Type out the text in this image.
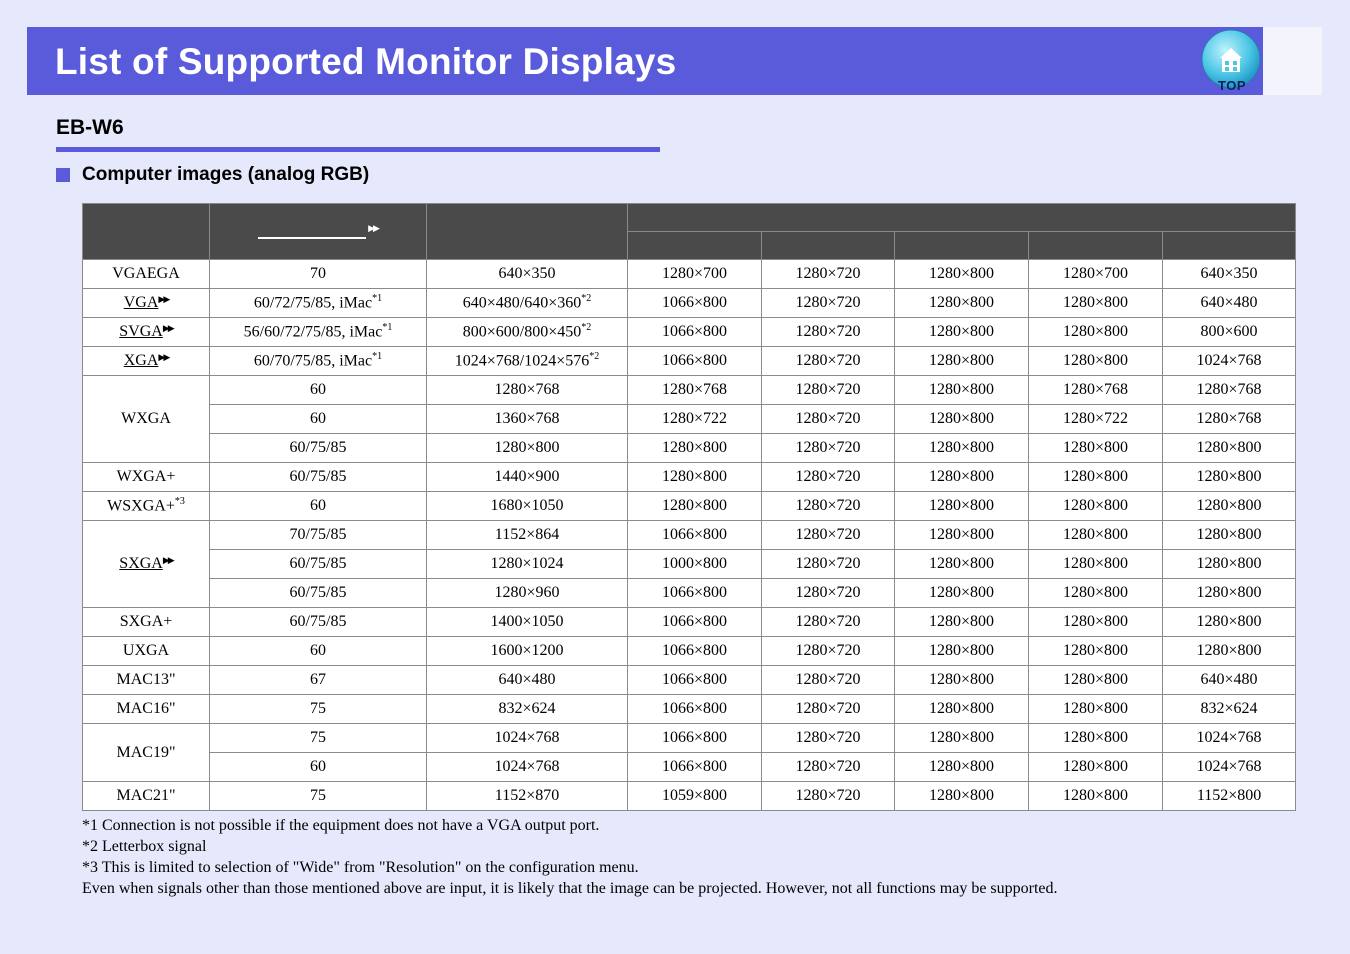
List of Supported Monitor Displays
TOP
EB-W6
Computer images (analog RGB)
	▶▶		

VGAEGA	70	640×350	1280×700	1280×720	1280×800	1280×700	640×350
VGA▶▶	60/72/75/85, iMac$^{*1}$	$640\times 480/640\times 360^{*2}$	1066×800	1280×720	1280×800	1280×800	640×480
SVGA▶▶	56/60/72/75/85, iMac$^{*1}$	$800\times 600/800\times 450^{*2}$	1066×800	1280×720	1280×800	1280×800	800×600
XGA▶▶	60/70/75/85, iMac$^{*1}$	$1024\times 768/1024\times 576^{*2}$	1066×800	1280×720	1280×800	1280×800	1024×768
WXGA	60	1280×768	1280×768	1280×720	1280×800	1280×768	1280×768
	60	1360×768	1280×722	1280×720	1280×800	1280×722	1280×768
	60/75/85	1280×800	1280×800	1280×720	1280×800	1280×800	1280×800
WXGA+	60/75/85	1440×900	1280×800	1280×720	1280×800	1280×800	1280×800
WSXGA+$^{*3}$	60	1680×1050	1280×800	1280×720	1280×800	1280×800	1280×800
SXGA▶▶	70/75/85	1152×864	1066×800	1280×720	1280×800	1280×800	1280×800
	60/75/85	1280×1024	1000×800	1280×720	1280×800	1280×800	1280×800
	60/75/85	1280×960	1066×800	1280×720	1280×800	1280×800	1280×800
SXGA+	60/75/85	1400×1050	1066×800	1280×720	1280×800	1280×800	1280×800
UXGA	60	1600×1200	1066×800	1280×720	1280×800	1280×800	1280×800
MAC13"	67	640×480	1066×800	1280×720	1280×800	1280×800	640×480
MAC16"	75	832×624	1066×800	1280×720	1280×800	1280×800	832×624
MAC19"	75	1024×768	1066×800	1280×720	1280×800	1280×800	1024×768
	60	1024×768	1066×800	1280×720	1280×800	1280×800	1024×768
MAC21"	75	1152×870	1059×800	1280×720	1280×800	1280×800	1152×800

*1 Connection is not possible if the equipment does not have a VGA output port.

*2 Letterbox signal

*3 This is limited to selection of "Wide" from "Resolution" on the configuration menu.

Even when signals other than those mentioned above are input, it is likely that the image can be projected. However, not all functions may be supported.
